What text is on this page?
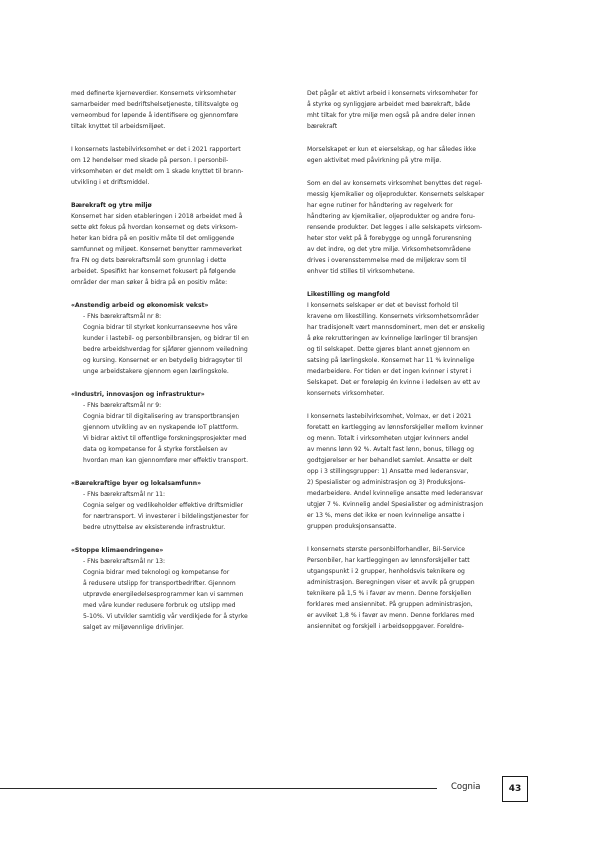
med definerte kjerneverdier. Konsernets virksomheter
samarbeider med bedriftshelsetjeneste, tillitsvalgte og
verneombud for løpende å identifisere og gjennomføre
tiltak knyttet til arbeidsmiljøet.

I konsernets lastebilvirksomhet er det i 2021 rapportert
om 12 hendelser med skade på person. I personbil-
virksomheten er det meldt om 1 skade knyttet til brann-
utvikling i et driftsmiddel.

Bærekraft og ytre miljø

Konsernet har siden etableringen i 2018 arbeidet med å
sette økt fokus på hvordan konsernet og dets virksom-
heter kan bidra på en positiv måte til det omliggende
samfunnet og miljøet. Konsernet benytter rammeverket
fra FN og dets bærekraftsmål som grunnlag i dette
arbeidet. Spesifikt har konsernet fokusert på følgende
områder der man søker å bidra på en positiv måte:

«Anstendig arbeid og økonomisk vekst»

- FNs bærekraftsmål nr 8:

Cognia bidrar til styrket konkurranseevne hos våre
kunder i lastebil- og personbilbransjen, og bidrar til en
bedre arbeidshverdag for sjåfører gjennom veiledning
og kursing. Konsernet er en betydelig bidragsyter til
unge arbeidstakere gjennom egen lærlingskole.

«Industri, innovasjon og infrastruktur»

- FNs bærekraftsmål nr 9:

Cognia bidrar til digitalisering av transportbransjen
gjennom utvikling av en nyskapende IoT plattform.
Vi bidrar aktivt til offentlige forskningsprosjekter med
data og kompetanse for å styrke forståelsen av
hvordan man kan gjennomføre mer effektiv transport.

«Bærekraftige byer og lokalsamfunn»

- FNs bærekraftsmål nr 11:

Cognia selger og vedlikeholder effektive driftsmidler
for nærtransport. Vi investerer i bildelingstjenester for
bedre utnyttelse av eksisterende infrastruktur.

«Stoppe klimaendringene»

- FNs bærekraftsmål nr 13:

Cognia bidrar med teknologi og kompetanse for
å redusere utslipp for transportbedrifter. Gjennom
utprøvde energiledelsesprogrammer kan vi sammen
med våre kunder redusere forbruk og utslipp med
5-10%. Vi utvikler samtidig vår verdikjede for å styrke
salget av miljøvennlige drivlinjer.

Det pågår et aktivt arbeid i konsernets virksomheter for
å styrke og synliggjøre arbeidet med bærekraft, både
mht tiltak for ytre miljø men også på andre deler innen
bærekraft

Morselskapet er kun et eierselskap, og har således ikke
egen aktivitet med påvirkning på ytre miljø.

Som en del av konsernets virksomhet benyttes det regel-
messig kjemikalier og oljeprodukter. Konsernets selskaper
har egne rutiner for håndtering av regelverk for
håndtering av kjemikalier, oljeprodukter og andre foru-
rensende produkter. Det legges i alle selskapets virksom-
heter stor vekt på å forebygge og unngå forurensning
av det indre, og det ytre miljø. Virksomhetsområdene
drives i overensstemmelse med de miljøkrav som til
enhver tid stilles til virksomhetene.

Likestilling og mangfold

I konsernets selskaper er det et bevisst forhold til
kravene om likestilling. Konsernets virksomhetsområder
har tradisjonelt vært mannsdominert, men det er ønskelig
å øke rekrutteringen av kvinnelige lærlinger til bransjen
og til selskapet. Dette gjøres blant annet gjennom en
satsing på lærlingskole. Konsernet har 11 % kvinnelige
medarbeidere. For tiden er det ingen kvinner i styret i
Selskapet. Det er foreløpig én kvinne i ledelsen av ett av
konsernets virksomheter.

I konsernets lastebilvirksomhet, Volmax, er det i 2021
foretatt en kartlegging av lønnsforskjeller mellom kvinner
og menn. Totalt i virksomheten utgjør kvinners andel
av menns lønn 92 %. Avtalt fast lønn, bonus, tillegg og
godtgjørelser er her behandlet samlet. Ansatte er delt
opp i 3 stillingsgrupper: 1) Ansatte med lederansvar,
2) Spesialister og administrasjon og 3) Produksjons-
medarbeidere. Andel kvinnelige ansatte med lederansvar
utgjør 7 %. Kvinnelig andel Spesialister og administrasjon
er 13 %, mens det ikke er noen kvinnelige ansatte i
gruppen produksjonsansatte.

I konsernets største personbilforhandler, Bil-Service
Personbiler, har kartleggingen av lønnsforskjeller tatt
utgangspunkt i 2 grupper, henholdsvis teknikere og
administrasjon. Beregningen viser et avvik på gruppen
teknikere på 1,5 % i favør av menn. Denne forskjellen
forklares med ansiennitet. På gruppen administrasjon,
er avviket 1,8 % i favør av menn. Denne forklares med
ansiennitet og forskjell i arbeidsoppgaver. Foreldre-

Cognia	43
